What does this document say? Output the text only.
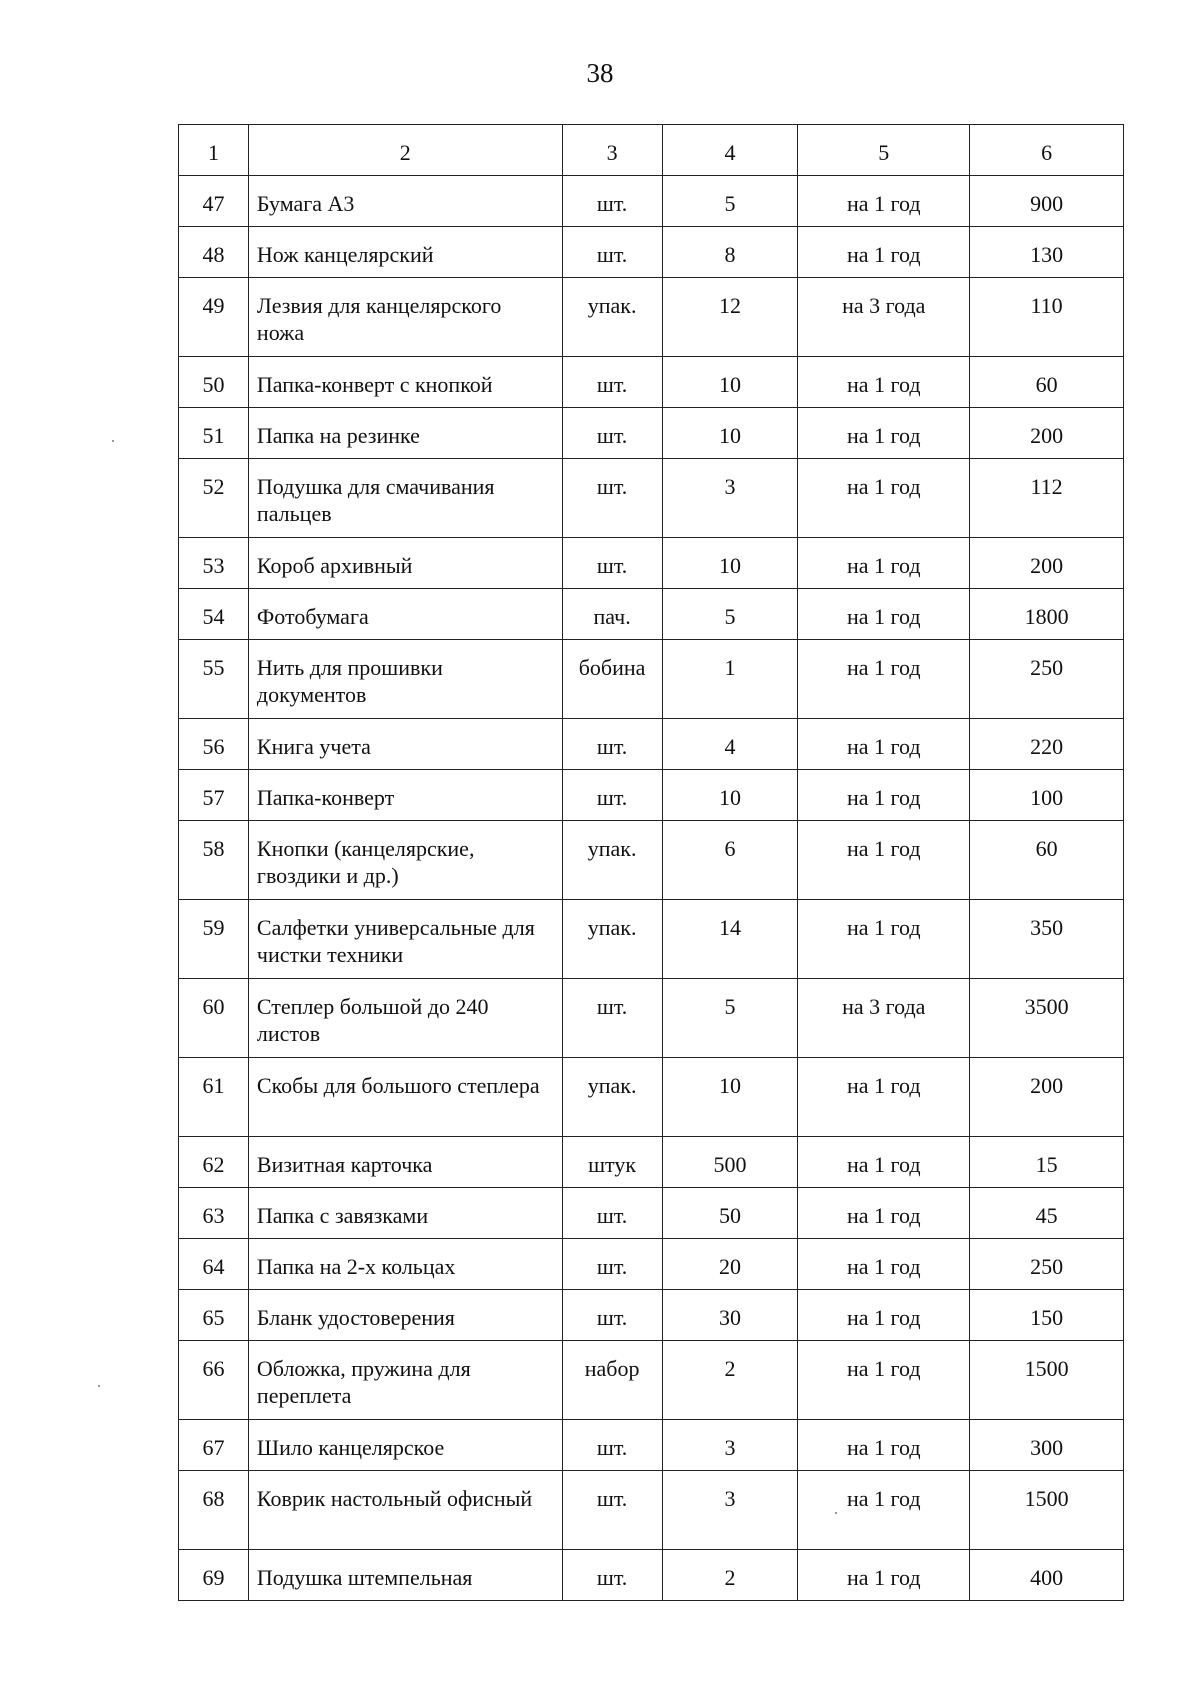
38
1	2	3	4	5	6
47	Бумага А3	шт.	5	на 1 год	900
48	Нож канцелярский	шт.	8	на 1 год	130
49	Лезвия для канцелярского ножа	упак.	12	на 3 года	110
50	Папка-конверт с кнопкой	шт.	10	на 1 год	60
51	Папка на резинке	шт.	10	на 1 год	200
52	Подушка для смачивания пальцев	шт.	3	на 1 год	112
53	Короб архивный	шт.	10	на 1 год	200
54	Фотобумага	пач.	5	на 1 год	1800
55	Нить для прошивки документов	бобина	1	на 1 год	250
56	Книга учета	шт.	4	на 1 год	220
57	Папка-конверт	шт.	10	на 1 год	100
58	Кнопки (канцелярские, гвоздики и др.)	упак.	6	на 1 год	60
59	Салфетки универсальные для чистки техники	упак.	14	на 1 год	350
60	Степлер большой до 240 листов	шт.	5	на 3 года	3500
61	Скобы для большого степлера	упак.	10	на 1 год	200
62	Визитная карточка	штук	500	на 1 год	15
63	Папка с завязками	шт.	50	на 1 год	45
64	Папка на 2-х кольцах	шт.	20	на 1 год	250
65	Бланк удостоверения	шт.	30	на 1 год	150
66	Обложка, пружина для переплета	набор	2	на 1 год	1500
67	Шило канцелярское	шт.	3	на 1 год	300
68	Коврик настольный офисный	шт.	3	на 1 год	1500
69	Подушка штемпельная	шт.	2	на 1 год	400
